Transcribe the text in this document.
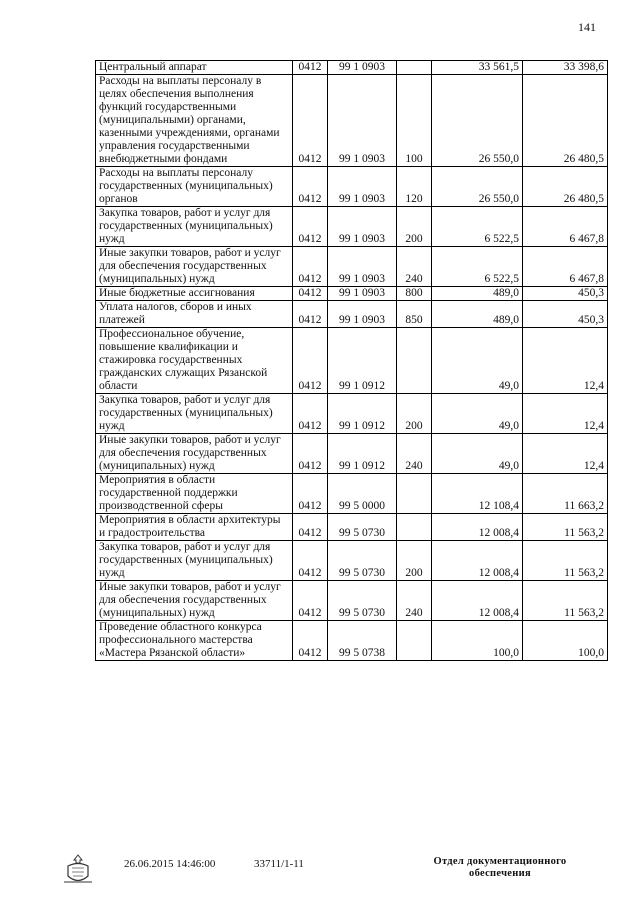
141
Центральный аппарат	0412	99 1 0903		33 561,5	33 398,6
Расходы на выплаты персоналу в целях обеспечения выполнения функций государственными (муниципальными) органами, казенными учреждениями, органами управления государственными внебюджетными фондами	0412	99 1 0903	100	26 550,0	26 480,5
Расходы на выплаты персоналу государственных (муниципальных) органов	0412	99 1 0903	120	26 550,0	26 480,5
Закупка товаров, работ и услуг для государственных (муниципальных) нужд	0412	99 1 0903	200	6 522,5	6 467,8
Иные закупки товаров, работ и услуг для обеспечения государственных (муниципальных) нужд	0412	99 1 0903	240	6 522,5	6 467,8
Иные бюджетные ассигнования	0412	99 1 0903	800	489,0	450,3
Уплата налогов, сборов и иных платежей	0412	99 1 0903	850	489,0	450,3
Профессиональное обучение, повышение квалификации и стажировка государственных гражданских служащих Рязанской области	0412	99 1 0912		49,0	12,4
Закупка товаров, работ и услуг для государственных (муниципальных) нужд	0412	99 1 0912	200	49,0	12,4
Иные закупки товаров, работ и услуг для обеспечения государственных (муниципальных) нужд	0412	99 1 0912	240	49,0	12,4
Мероприятия в области государственной поддержки производственной сферы	0412	99 5 0000		12 108,4	11 663,2
Мероприятия в области архитектуры и градостроительства	0412	99 5 0730		12 008,4	11 563,2
Закупка товаров, работ и услуг для государственных (муниципальных) нужд	0412	99 5 0730	200	12 008,4	11 563,2
Иные закупки товаров, работ и услуг для обеспечения государственных (муниципальных) нужд	0412	99 5 0730	240	12 008,4	11 563,2
Проведение областного конкурса профессионального мастерства «Мастера Рязанской области»	0412	99 5 0738		100,0	100,0
26.06.2015 14:46:00	33711/1-11	Отдел документационного обеспечения
